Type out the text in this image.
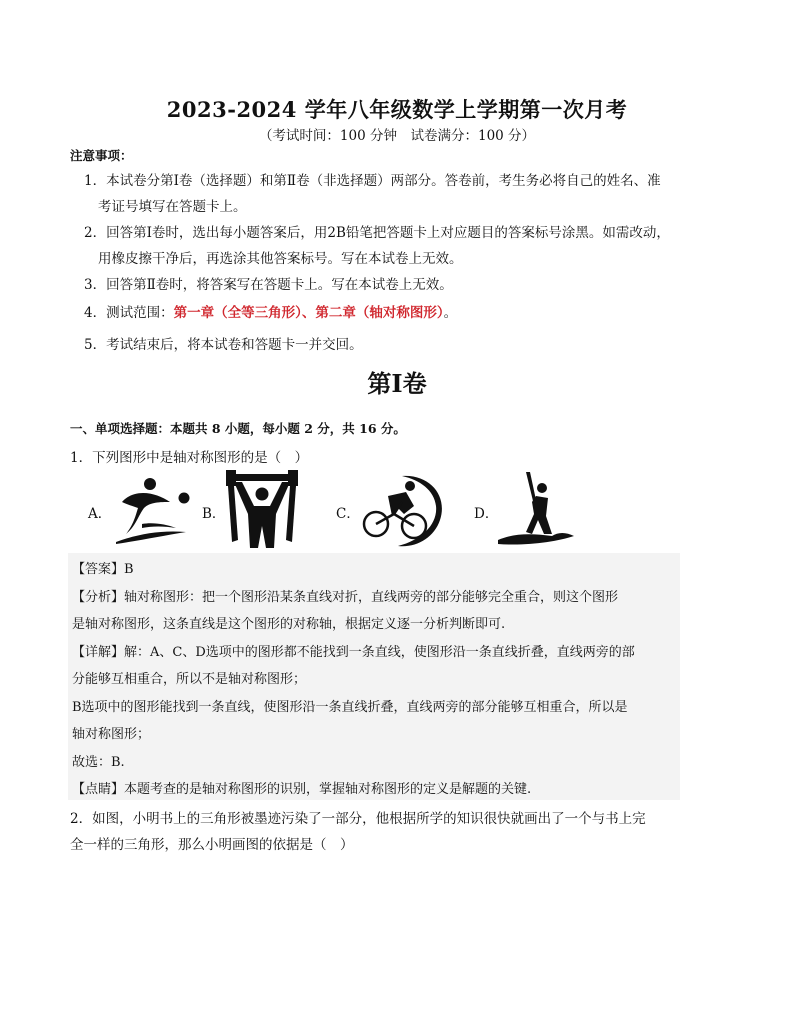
2023-2024 学年八年级数学上学期第一次月考
（考试时间：100 分钟　试卷满分：100 分）
注意事项：
1．本试卷分第Ⅰ卷（选择题）和第Ⅱ卷（非选择题）两部分。答卷前，考生务必将自己的姓名、准
考证号填写在答题卡上。
2．回答第Ⅰ卷时，选出每小题答案后，用2B铅笔把答题卡上对应题目的答案标号涂黑。如需改动，
用橡皮擦干净后，再选涂其他答案标号。写在本试卷上无效。
3．回答第Ⅱ卷时，将答案写在答题卡上。写在本试卷上无效。
4．测试范围：第一章（全等三角形）、第二章（轴对称图形）。
5．考试结束后，将本试卷和答题卡一并交回。
第Ⅰ卷
一、单项选择题：本题共 8 小题，每小题 2 分，共 16 分。
1．下列图形中是轴对称图形的是（　）
A．	B．	C．	D．
【答案】B
【分析】轴对称图形：把一个图形沿某条直线对折，直线两旁的部分能够完全重合，则这个图形
是轴对称图形，这条直线是这个图形的对称轴，根据定义逐一分析判断即可.
【详解】解：A、C、D选项中的图形都不能找到一条直线，使图形沿一条直线折叠，直线两旁的部
分能够互相重合，所以不是轴对称图形；
B选项中的图形能找到一条直线，使图形沿一条直线折叠，直线两旁的部分能够互相重合，所以是
轴对称图形；
故选：B.
【点睛】本题考查的是轴对称图形的识别，掌握轴对称图形的定义是解题的关键.
2．如图，小明书上的三角形被墨迹污染了一部分，他根据所学的知识很快就画出了一个与书上完
全一样的三角形，那么小明画图的依据是（　）
